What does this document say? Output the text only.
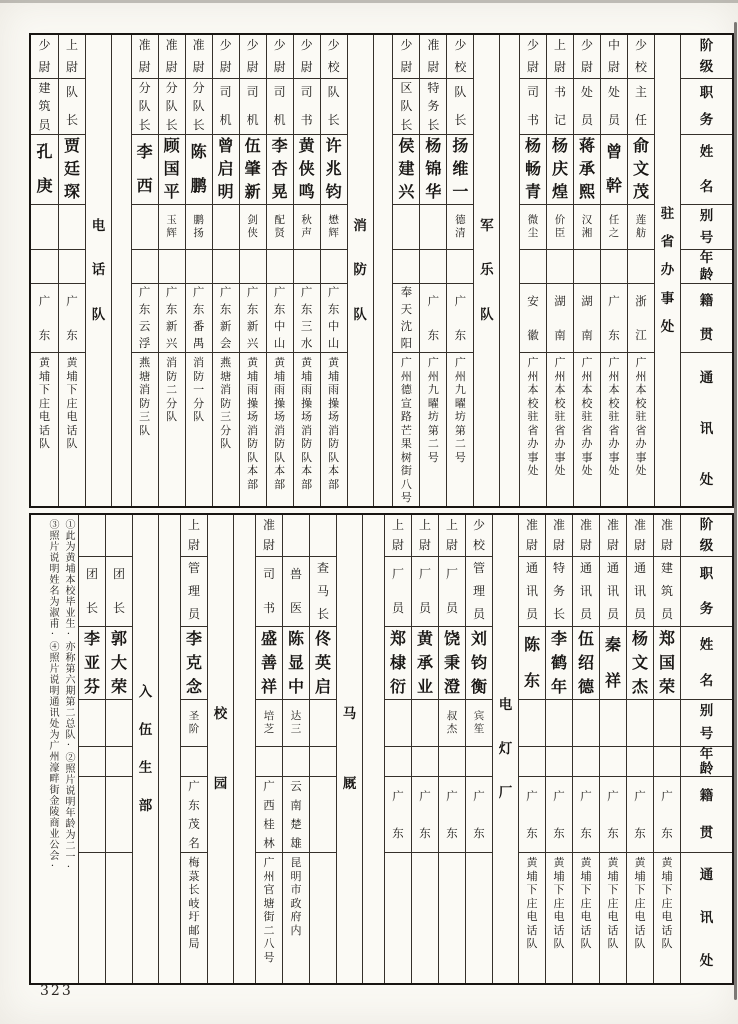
阶
级
职
务
姓
名
别
号
年
龄
籍
贯
通
讯
处
驻
省
办
事
处
少
校
主
任
俞
文
茂
莲
舫
浙
江
广
州
本
校
驻
省
办
事
处
中
尉
处
员
曾
幹
任
之
广
东
广
州
本
校
驻
省
办
事
处
少
尉
处
员
蒋
承
熙
汉
湘
湖
南
广
州
本
校
驻
省
办
事
处
上
尉
书
记
杨
庆
煌
价
臣
湖
南
广
州
本
校
驻
省
办
事
处
少
尉
司
书
杨
畅
青
微
尘
安
徽
广
州
本
校
驻
省
办
事
处
军
乐
队
少
校
队
长
扬
维
一
德
清
广
东
广
州
九
曜
坊
第
二
号
准
尉
特
务
长
杨
锦
华
广
东
广
州
九
曜
坊
第
二
号
少
尉
区
队
长
侯
建
兴
奉
天
沈
阳
广
州
德
宣
路
芒
果
树
街
八
号
消
防
队
少
校
队
长
许
兆
钧
懋
辉
广
东
中
山
黄
埔
雨
操
场
消
防
队
本
部
少
尉
司
书
黄
侠
鸣
秋
声
广
东
三
水
黄
埔
雨
操
场
消
防
队
本
部
少
尉
司
机
李
杏
晃
配
贤
广
东
中
山
黄
埔
雨
操
场
消
防
队
本
部
少
尉
司
机
伍
肇
新
剑
侠
广
东
新
兴
黄
埔
雨
操
场
消
防
队
本
部
少
尉
司
机
曾
启
明
广
东
新
会
燕
塘
消
防
三
分
队
准
尉
分
队
长
陈
鹏
鹏
扬
广
东
番
禺
消
防
一
分
队
准
尉
分
队
长
顾
国
平
玉
辉
广
东
新
兴
消
防
二
分
队
准
尉
分
队
长
李
西
广
东
云
浮
燕
塘
消
防
三
队
电
话
队
上
尉
队
长
贾
廷
琛
广
东
黄
埔
下
庄
电
话
队
少
尉
建
筑
员
孔
庚
广
东
黄
埔
下
庄
电
话
队
阶
级
职
务
姓
名
别
号
年
龄
籍
贯
通
讯
处
准
尉
建
筑
员
郑
国
荣
广
东
黄
埔
下
庄
电
话
队
准
尉
通
讯
员
杨
文
杰
广
东
黄
埔
下
庄
电
话
队
准
尉
通
讯
员
秦
祥
广
东
黄
埔
下
庄
电
话
队
准
尉
通
讯
员
伍
绍
德
广
东
黄
埔
下
庄
电
话
队
准
尉
特
务
长
李
鹤
年
广
东
黄
埔
下
庄
电
话
队
准
尉
通
讯
员
陈
东
广
东
黄
埔
下
庄
电
话
队
电
灯
厂
少
校
管
理
员
刘
钧
衡
宾
笙
广
东
上
尉
厂
员
饶
秉
澄
叔
杰
广
东
上
尉
厂
员
黄
承
业
广
东
上
尉
厂
员
郑
棣
衍
广
东
马
厩
查
马
长
佟
英
启
兽
医
陈
显
中
达
三
云
南
楚
雄
昆
明
市
政
府
内
准
尉
司
书
盛
善
祥
培
芝
广
西
桂
林
广
州
官
塘
街
二
八
号
校
园
上
尉
管
理
员
李
克
念
圣
阶
广
东
茂
名
梅
菉
长
岐
圩
邮
局
入
伍
生
部
团
长
郭
大
荣
团
长
李
亚
芬
①此为黄埔本校毕业生·亦称第六期第二总队·②照片说明年龄为二一·
③照片说明姓名为淑甫·④照片说明通讯处为广州濠畔街金陵商业公会·
323
